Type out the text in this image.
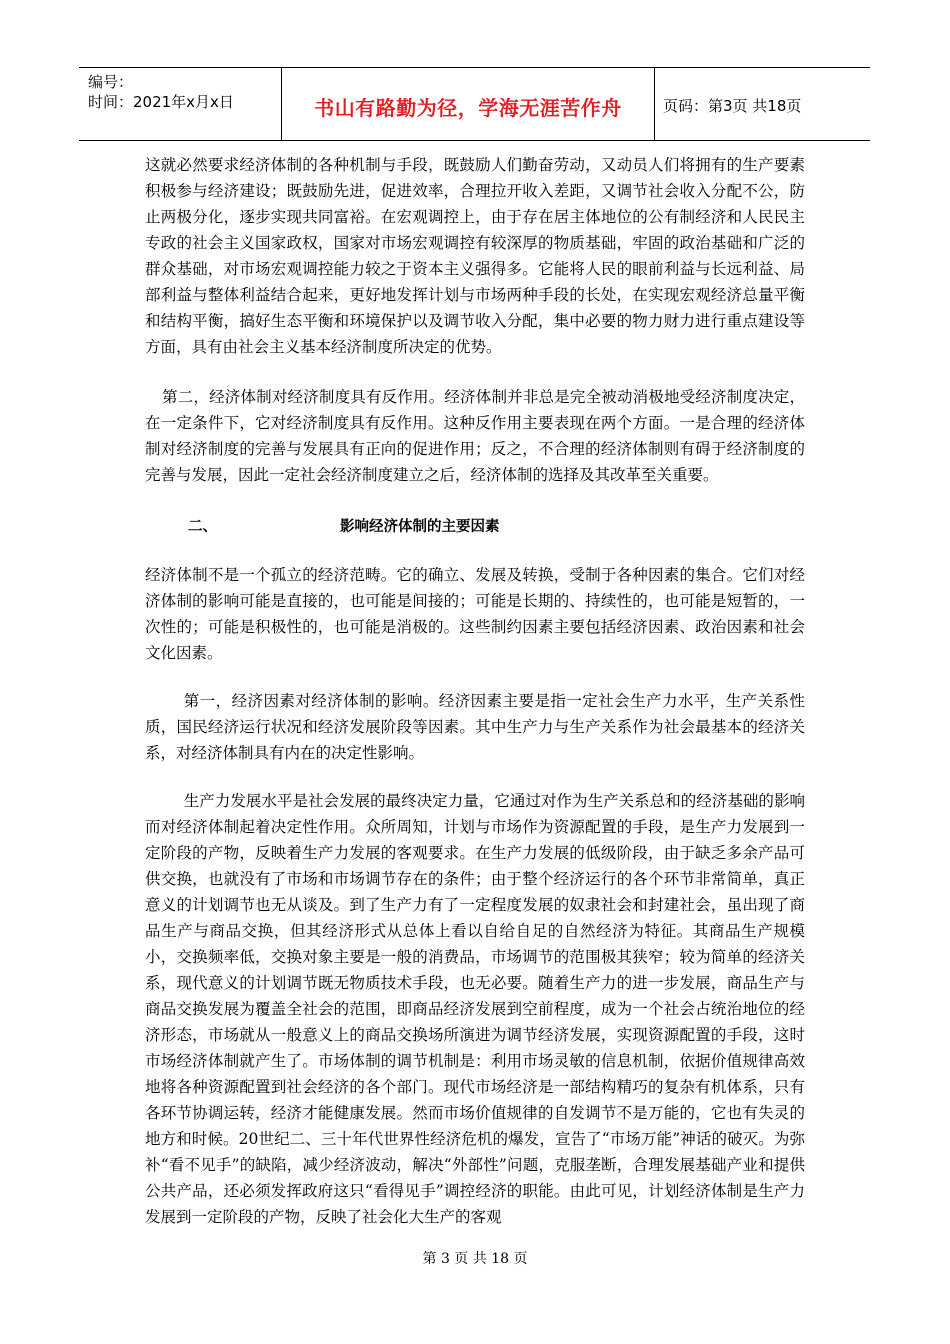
编号：
时间：2021年x月x日	书山有路勤为径，学海无涯苦作舟	页码：第3页 共18页

这就必然要求经济体制的各种机制与手段，既鼓励人们勤奋劳动，又动员人们将拥有的生产要素积极参与经济建设；既鼓励先进，促进效率，合理拉开收入差距，又调节社会收入分配不公，防止两极分化，逐步实现共同富裕。在宏观调控上，由于存在居主体地位的公有制经济和人民民主专政的社会主义国家政权，国家对市场宏观调控有较深厚的物质基础，牢固的政治基础和广泛的群众基础，对市场宏观调控能力较之于资本主义强得多。它能将人民的眼前利益与长远利益、局部利益与整体利益结合起来，更好地发挥计划与市场两种手段的长处，在实现宏观经济总量平衡和结构平衡，搞好生态平衡和环境保护以及调节收入分配，集中必要的物力财力进行重点建设等方面，具有由社会主义基本经济制度所决定的优势。

第二，经济体制对经济制度具有反作用。经济体制并非总是完全被动消极地受经济制度决定，在一定条件下，它对经济制度具有反作用。这种反作用主要表现在两个方面。一是合理的经济体制对经济制度的完善与发展具有正向的促进作用；反之，不合理的经济体制则有碍于经济制度的完善与发展，因此一定社会经济制度建立之后，经济体制的选择及其改革至关重要。

二、	影响经济体制的主要因素

经济体制不是一个孤立的经济范畴。它的确立、发展及转换，受制于各种因素的集合。它们对经济体制的影响可能是直接的，也可能是间接的；可能是长期的、持续性的，也可能是短暂的，一次性的；可能是积极性的，也可能是消极的。这些制约因素主要包括经济因素、政治因素和社会文化因素。

第一，经济因素对经济体制的影响。经济因素主要是指一定社会生产力水平，生产关系性质，国民经济运行状况和经济发展阶段等因素。其中生产力与生产关系作为社会最基本的经济关系，对经济体制具有内在的决定性影响。

生产力发展水平是社会发展的最终决定力量，它通过对作为生产关系总和的经济基础的影响而对经济体制起着决定性作用。众所周知，计划与市场作为资源配置的手段，是生产力发展到一定阶段的产物，反映着生产力发展的客观要求。在生产力发展的低级阶段，由于缺乏多余产品可供交换，也就没有了市场和市场调节存在的条件；由于整个经济运行的各个环节非常简单，真正意义的计划调节也无从谈及。到了生产力有了一定程度发展的奴隶社会和封建社会，虽出现了商品生产与商品交换，但其经济形式从总体上看以自给自足的自然经济为特征。其商品生产规模小，交换频率低，交换对象主要是一般的消费品，市场调节的范围极其狭窄；较为简单的经济关系，现代意义的计划调节既无物质技术手段，也无必要。随着生产力的进一步发展，商品生产与商品交换发展为覆盖全社会的范围，即商品经济发展到空前程度，成为一个社会占统治地位的经济形态，市场就从一般意义上的商品交换场所演进为调节经济发展，实现资源配置的手段，这时市场经济体制就产生了。市场体制的调节机制是：利用市场灵敏的信息机制，依据价值规律高效地将各种资源配置到社会经济的各个部门。现代市场经济是一部结构精巧的复杂有机体系，只有各环节协调运转，经济才能健康发展。然而市场价值规律的自发调节不是万能的，它也有失灵的地方和时候。20世纪二、三十年代世界性经济危机的爆发，宣告了“市场万能”神话的破灭。为弥补“看不见手”的缺陷，减少经济波动，解决“外部性”问题，克服垄断，合理发展基础产业和提供公共产品，还必须发挥政府这只“看得见手”调控经济的职能。由此可见，计划经济体制是生产力发展到一定阶段的产物，反映了社会化大生产的客观

第 3 页 共 18 页
